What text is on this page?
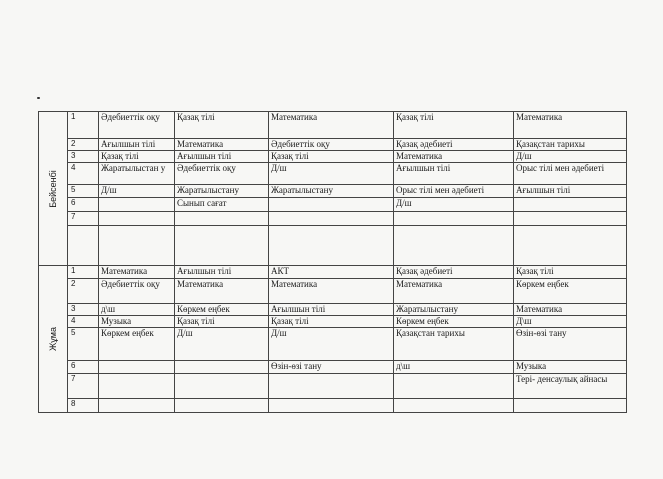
Бейсенбі	1	Әдебиеттік оқу	Қазақ тілі	Математика	Қазақ тілі	Математика
	2	Ағылшын тілі	Математика	Әдебиеттік оқу	Қазақ әдебиеті	Қазақстан тарихы
	3	Қазақ тілі	Ағылшын тілі	Қазақ тілі	Математика	Д/ш
	4	Жаратылыстан у	Әдебиеттік оқу	Д/ш	Ағылшын тілі	Орыс тілі мен әдебиеті
	5	Д/ш	Жаратылыстану	Жаратылыстану	Орыс тілі мен әдебиеті	Ағылшын тілі
	6		Сынып сағат		Д/ш	
	7					

Жұма	1	Математика	Ағылшын тілі	АКТ	Қазақ әдебиеті	Қазақ тілі
	2	Әдебиеттік оқу	Математика	Математика	Математика	Көркем еңбек
	3	д\ш	Көркем еңбек	Ағылшын тілі	Жаратылыстану	Математика
	4	Музыка	Қазақ тілі	Қазақ тілі	Көркем еңбек	Д\ш
	5	Көркем еңбек	Д/ш	Д/ш	Қазақстан тарихы	Өзін-өзі тану
	6			Өзін-өзі тану	д\ш	Музыка
	7					Тері- денсаулық айнасы
	8					
